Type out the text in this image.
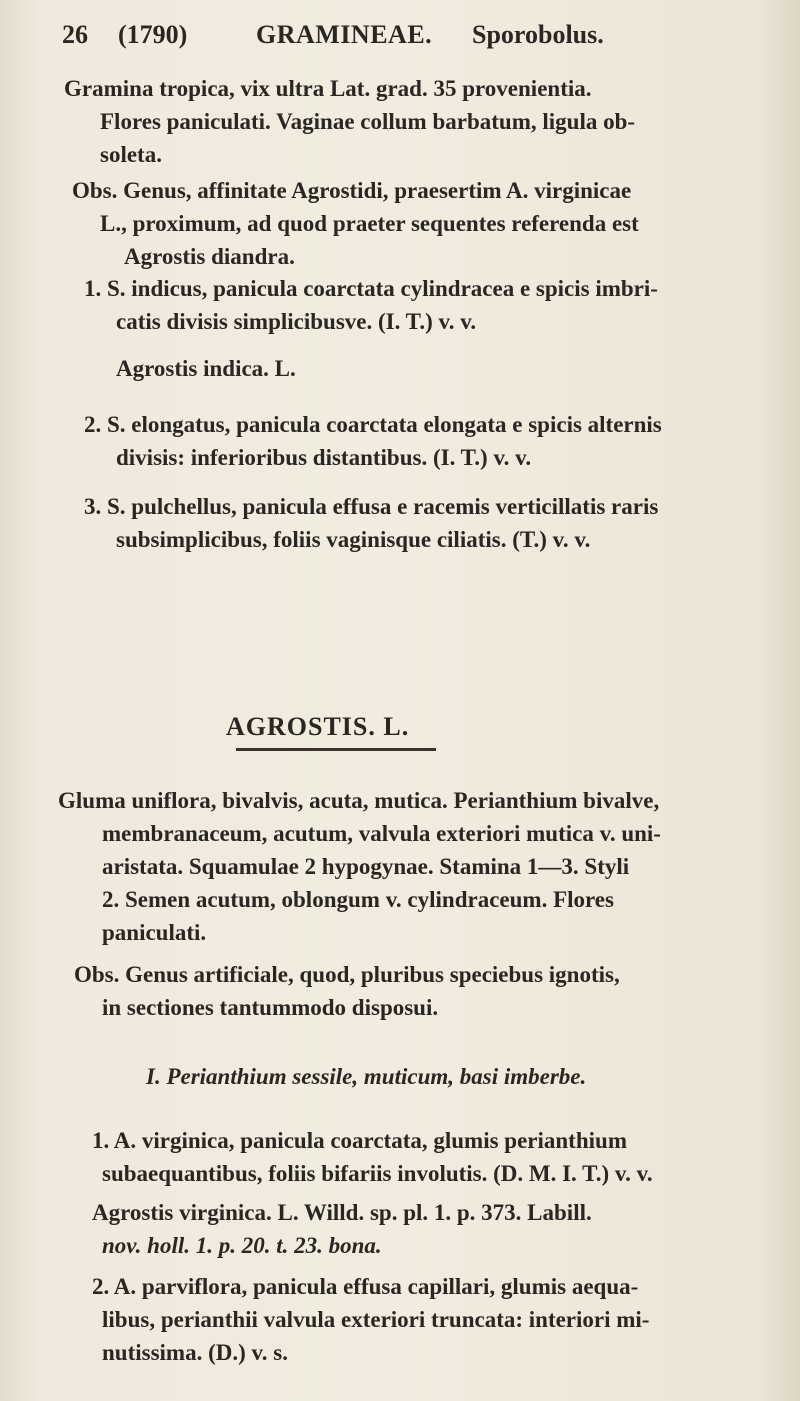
26 (1790)	GRAMINEAE. Sporobolus.
Gramina tropica, vix ultra Lat. grad. 35 provenientia.
Flores paniculati. Vaginae collum barbatum, ligula ob-
soleta.
Obs. Genus, affinitate Agrostidi, praesertim A. virginicae
L., proximum, ad quod praeter sequentes referenda est
Agrostis diandra.
1. S. indicus, panicula coarctata cylindracea e spicis imbri-
catis divisis simplicibusve. (I. T.) v. v.
Agrostis indica. L.
2. S. elongatus, panicula coarctata elongata e spicis alternis
divisis: inferioribus distantibus. (I. T.) v. v.
3. S. pulchellus, panicula effusa e racemis verticillatis raris
subsimplicibus, foliis vaginisque ciliatis. (T.) v. v.
AGROSTIS. L.
Gluma uniflora, bivalvis, acuta, mutica. Perianthium bivalve,
membranaceum, acutum, valvula exteriori mutica v. uni-
aristata. Squamulae 2 hypogynae. Stamina 1—3. Styli
2. Semen acutum, oblongum v. cylindraceum. Flores
paniculati.
Obs. Genus artificiale, quod, pluribus speciebus ignotis,
in sectiones tantummodo disposui.
I. Perianthium sessile, muticum, basi imberbe.
1. A. virginica, panicula coarctata, glumis perianthium
subaequantibus, foliis bifariis involutis. (D. M. I. T.) v. v.
Agrostis virginica. L. Willd. sp. pl. 1. p. 373. Labill.
nov. holl. 1. p. 20. t. 23. bona.
2. A. parviflora, panicula effusa capillari, glumis aequa-
libus, perianthii valvula exteriori truncata: interiori mi-
nutissima. (D.) v. s.
